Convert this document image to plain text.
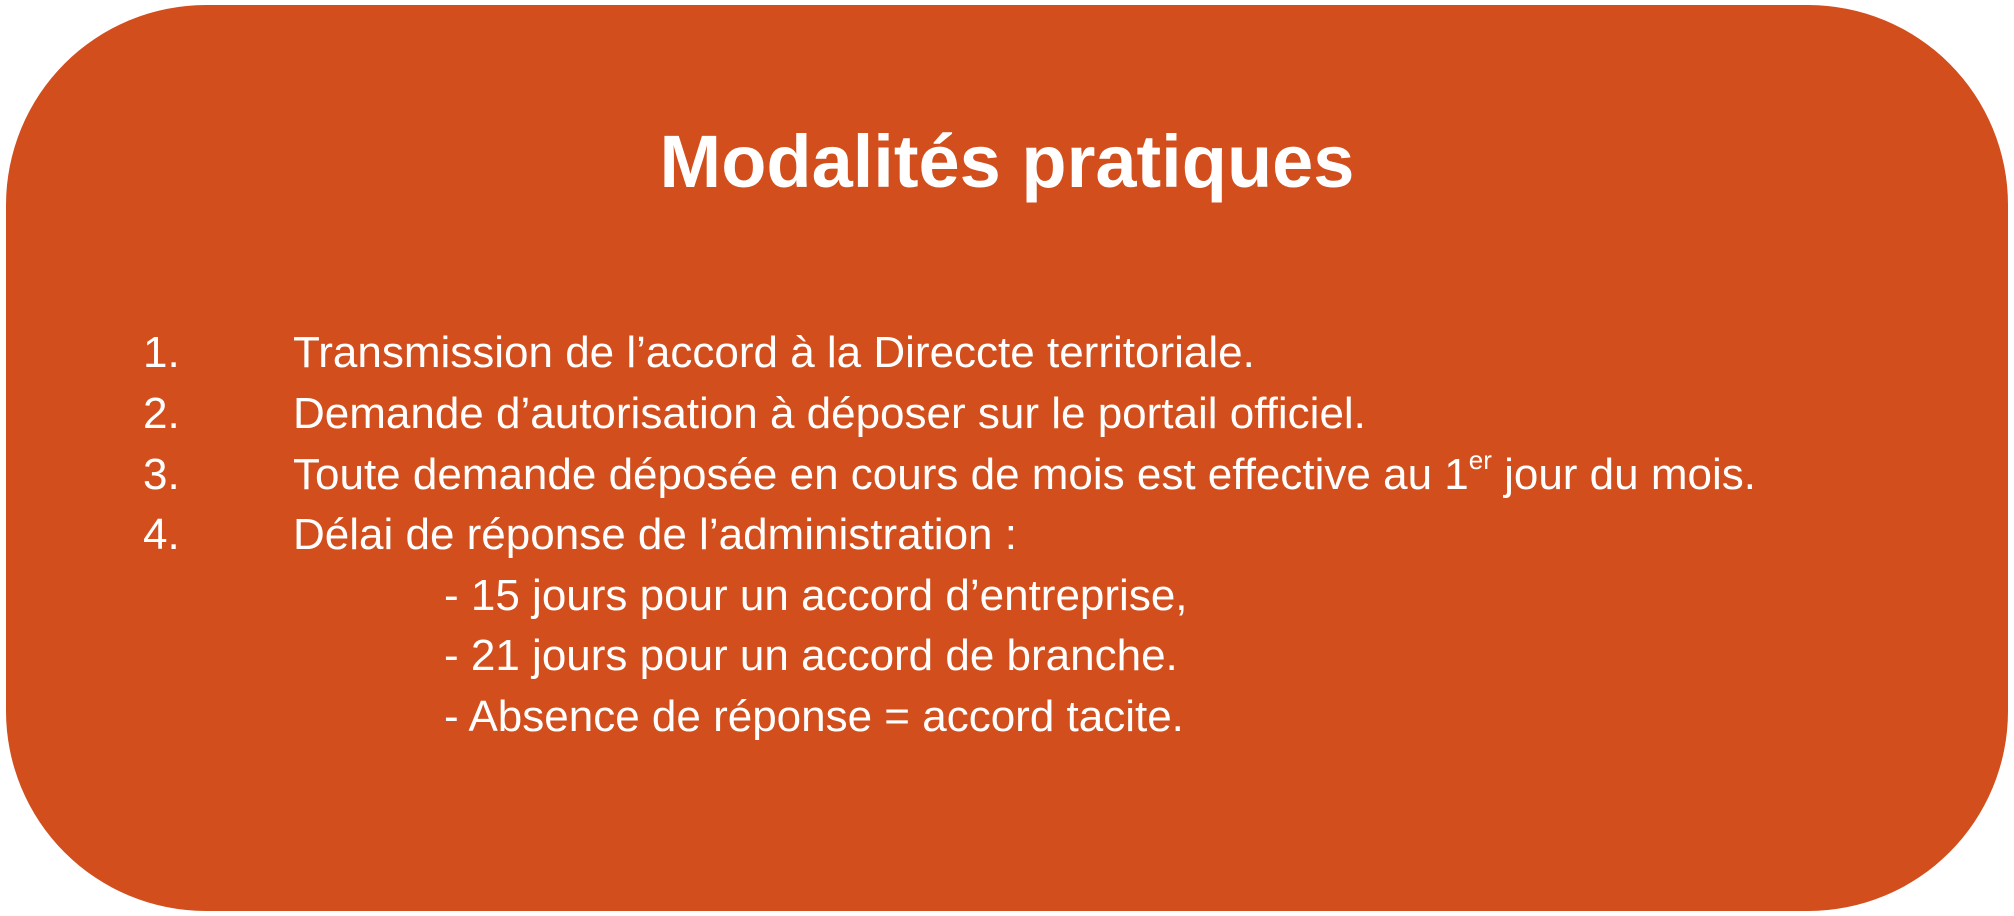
Modalités pratiques
1.	Transmission de l’accord à la Direccte territoriale.
2.	Demande d’autorisation à déposer sur le portail officiel.
3.	Toute demande déposée en cours de mois est effective au 1er jour du mois.
4.	Délai de réponse de l’administration :
- 15 jours pour un accord d’entreprise,
- 21 jours pour un accord de branche.
- Absence de réponse = accord tacite.
